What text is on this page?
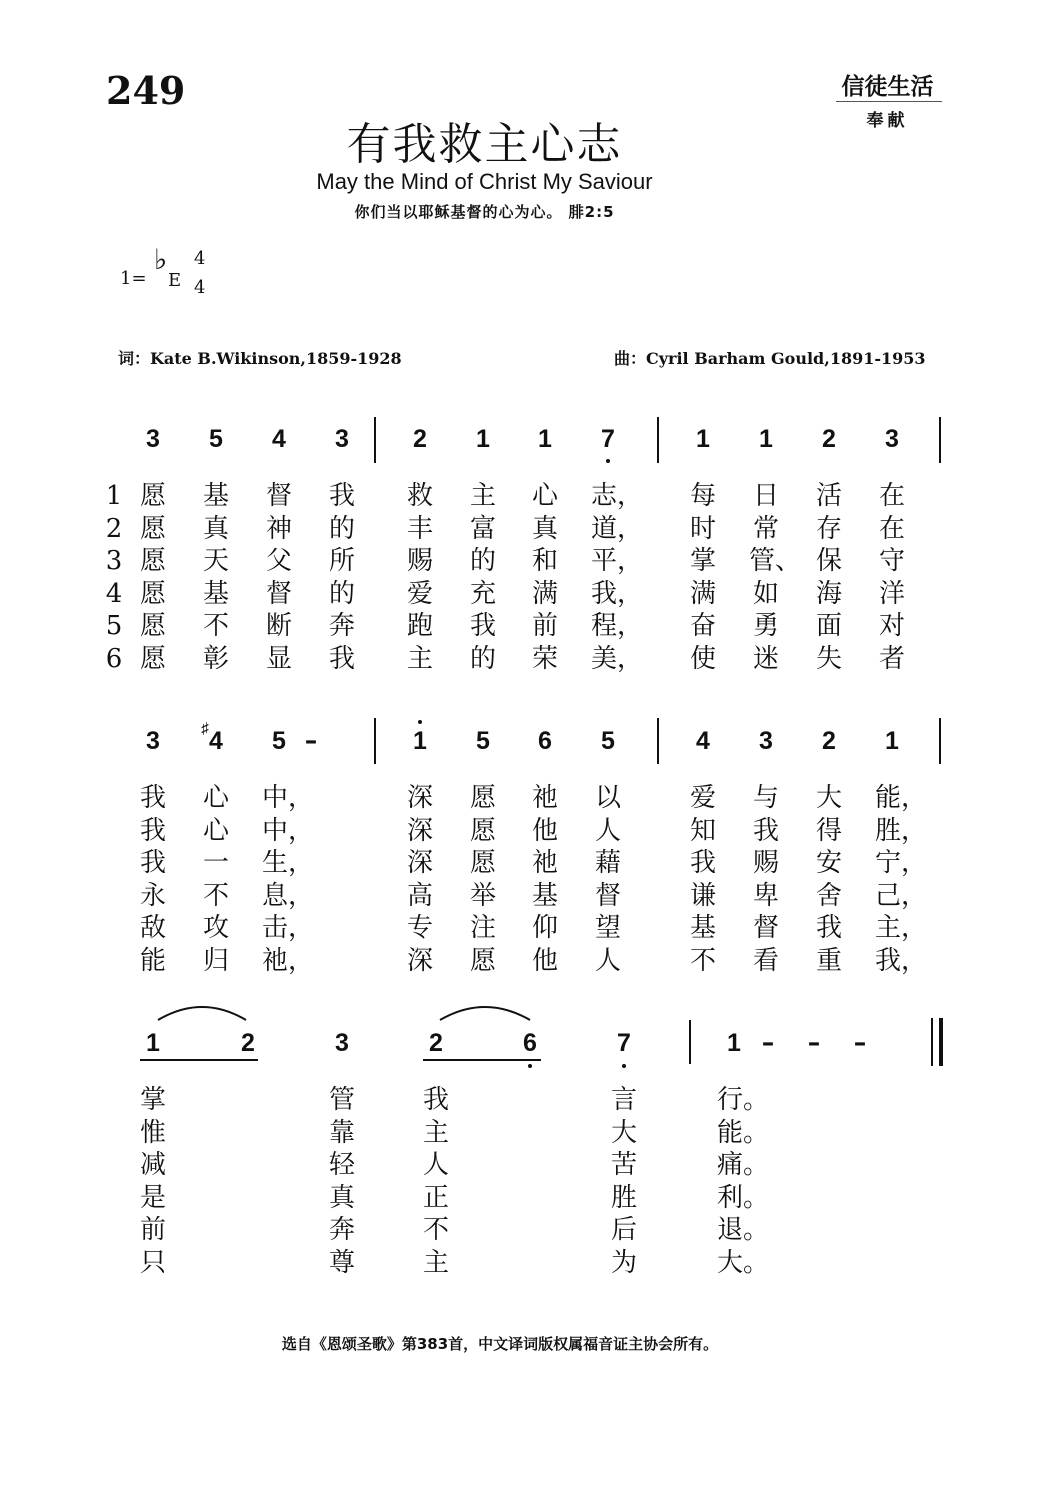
249	信徒生活
奉献
有我救主心志
May the Mind of Christ My Saviour
你们当以耶稣基督的心为心。 腓2:5
1=
♭
E
4
4
词：Kate B.Wikinson,1859-1928	曲：Cyril Barham Gould,1891-1953
3	5	4	3	2	1	1	7	1	1	2	3
1 愿 基 督 我 救 主 心 志， 每 日 活 在
2 愿 真 神 的 丰 富 真 道， 时 常 存 在
3 愿 天 父 所 赐 的 和 平， 掌 管、 保 守
4 愿 基 督 的 爱 充 满 我， 满 如 海 洋
5 愿 不 断 奔 跑 我 前 程， 奋 勇 面 对
6 愿 彰 显 我 主 的 荣 美， 使 迷 失 者
3	4
♯	5	1	5	6	5	4	3	2	1
–
我 心 中，	深 愿 祂 以	爱 与 大 能，
我 心 中，	深 愿 他 人	知 我 得 胜，
我 一 生，	深 愿 祂 藉	我 赐 安 宁，
永 不 息，	高 举 基 督	谦 卑 舍 己，
敌 攻 击，	专 注 仰 望	基 督 我 主，
能 归 祂，	深 愿 他 人	不 看 重 我，
1	2	3	2	6	7	1 – – –
掌	管	我	言	行。
惟	靠	主	大	能。
减	轻	人	苦	痛。
是	真	正	胜	利。
前	奔	不	后	退。
只	尊	主	为	大。
选自《恩颂圣歌》第383首，中文译词版权属福音证主协会所有。
